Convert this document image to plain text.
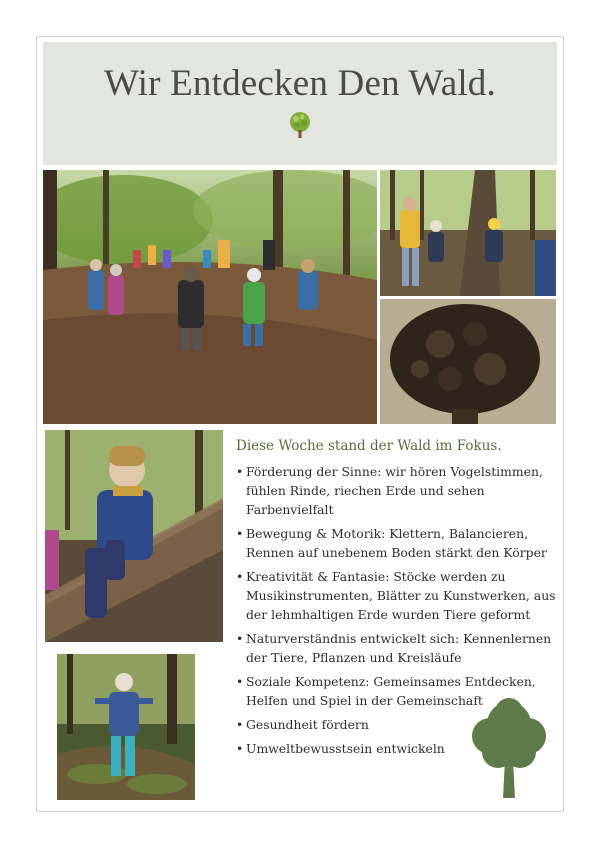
Wir Entdecken Den Wald.
Diese Woche stand der Wald im Fokus.
• Förderung der Sinne: wir hören Vogelstimmen, fühlen Rinde, riechen Erde und sehen Farbenvielfalt
• Bewegung & Motorik: Klettern, Balancieren, Rennen auf unebenem Boden stärkt den Körper
• Kreativität & Fantasie: Stöcke werden zu Musikinstrumenten, Blätter zu Kunstwerken, aus der lehmhaltigen Erde wurden Tiere geformt
• Naturverständnis entwickelt sich: Kennenlernen der Tiere, Pflanzen und Kreisläufe
• Soziale Kompetenz: Gemeinsames Entdecken, Helfen und Spiel in der Gemeinschaft
• Gesundheit fördern
• Umweltbewusstsein entwickeln
